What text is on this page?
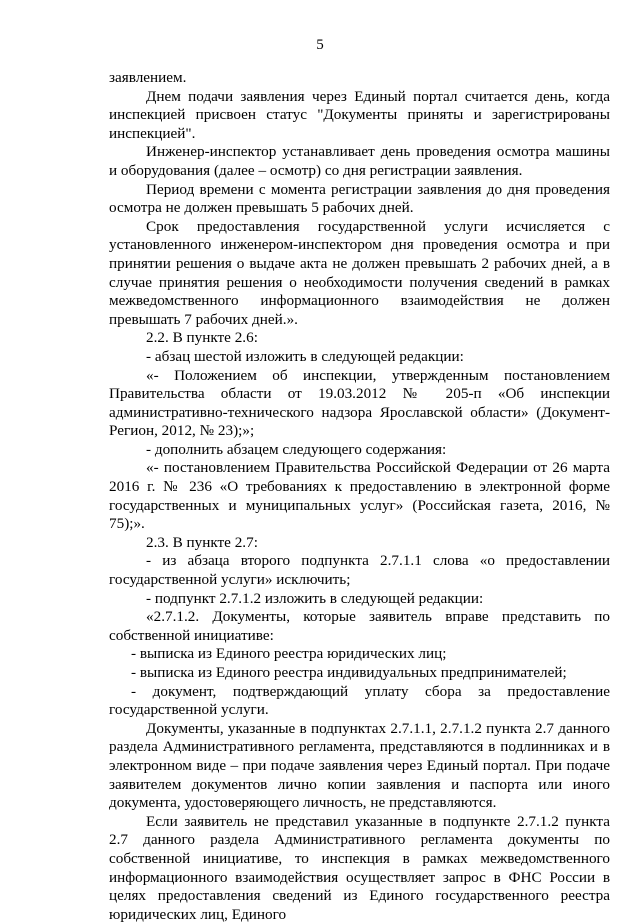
5

заявлением.

Днем подачи заявления через Единый портал считается день, когда инспекцией присвоен статус "Документы приняты и зарегистрированы инспекцией".

Инженер-инспектор устанавливает день проведения осмотра машины и оборудования (далее – осмотр) со дня регистрации заявления.

Период времени с момента регистрации заявления до дня проведения осмотра не должен превышать 5 рабочих дней.

Срок предоставления государственной услуги исчисляется с установленного инженером-инспектором дня проведения осмотра и при принятии решения о выдаче акта не должен превышать 2 рабочих дней, а в случае принятия решения о необходимости получения сведений в рамках межведомственного информационного взаимодействия не должен превышать 7 рабочих дней.».

2.2. В пункте 2.6:

- абзац шестой изложить в следующей редакции:

«- Положением об инспекции, утвержденным постановлением Правительства области от 19.03.2012 № 205-п «Об инспекции административно-технического надзора Ярославской области» (Документ-Регион, 2012, № 23);»;

- дополнить абзацем следующего содержания:

«- постановлением Правительства Российской Федерации от 26 марта 2016 г. № 236 «О требованиях к предоставлению в электронной форме государственных и муниципальных услуг» (Российская газета, 2016, № 75);».

2.3. В пункте 2.7:

- из абзаца второго подпункта 2.7.1.1 слова «о предоставлении государственной услуги» исключить;

- подпункт 2.7.1.2 изложить в следующей редакции:

«2.7.1.2. Документы, которые заявитель вправе представить по собственной инициативе:

- выписка из Единого реестра юридических лиц;

- выписка из Единого реестра индивидуальных предпринимателей;

- документ, подтверждающий уплату сбора за предоставление государственной услуги.

Документы, указанные в подпунктах 2.7.1.1, 2.7.1.2 пункта 2.7 данного раздела Административного регламента, представляются в подлинниках и в электронном виде – при подаче заявления через Единый портал. При подаче заявителем документов лично копии заявления и паспорта или иного документа, удостоверяющего личность, не представляются.

Если заявитель не представил указанные в подпункте 2.7.1.2 пункта 2.7 данного раздела Административного регламента документы по собственной инициативе, то инспекция в рамках межведомственного информационного взаимодействия осуществляет запрос в ФНС России в целях предоставления сведений из Единого государственного реестра юридических лиц, Единого
